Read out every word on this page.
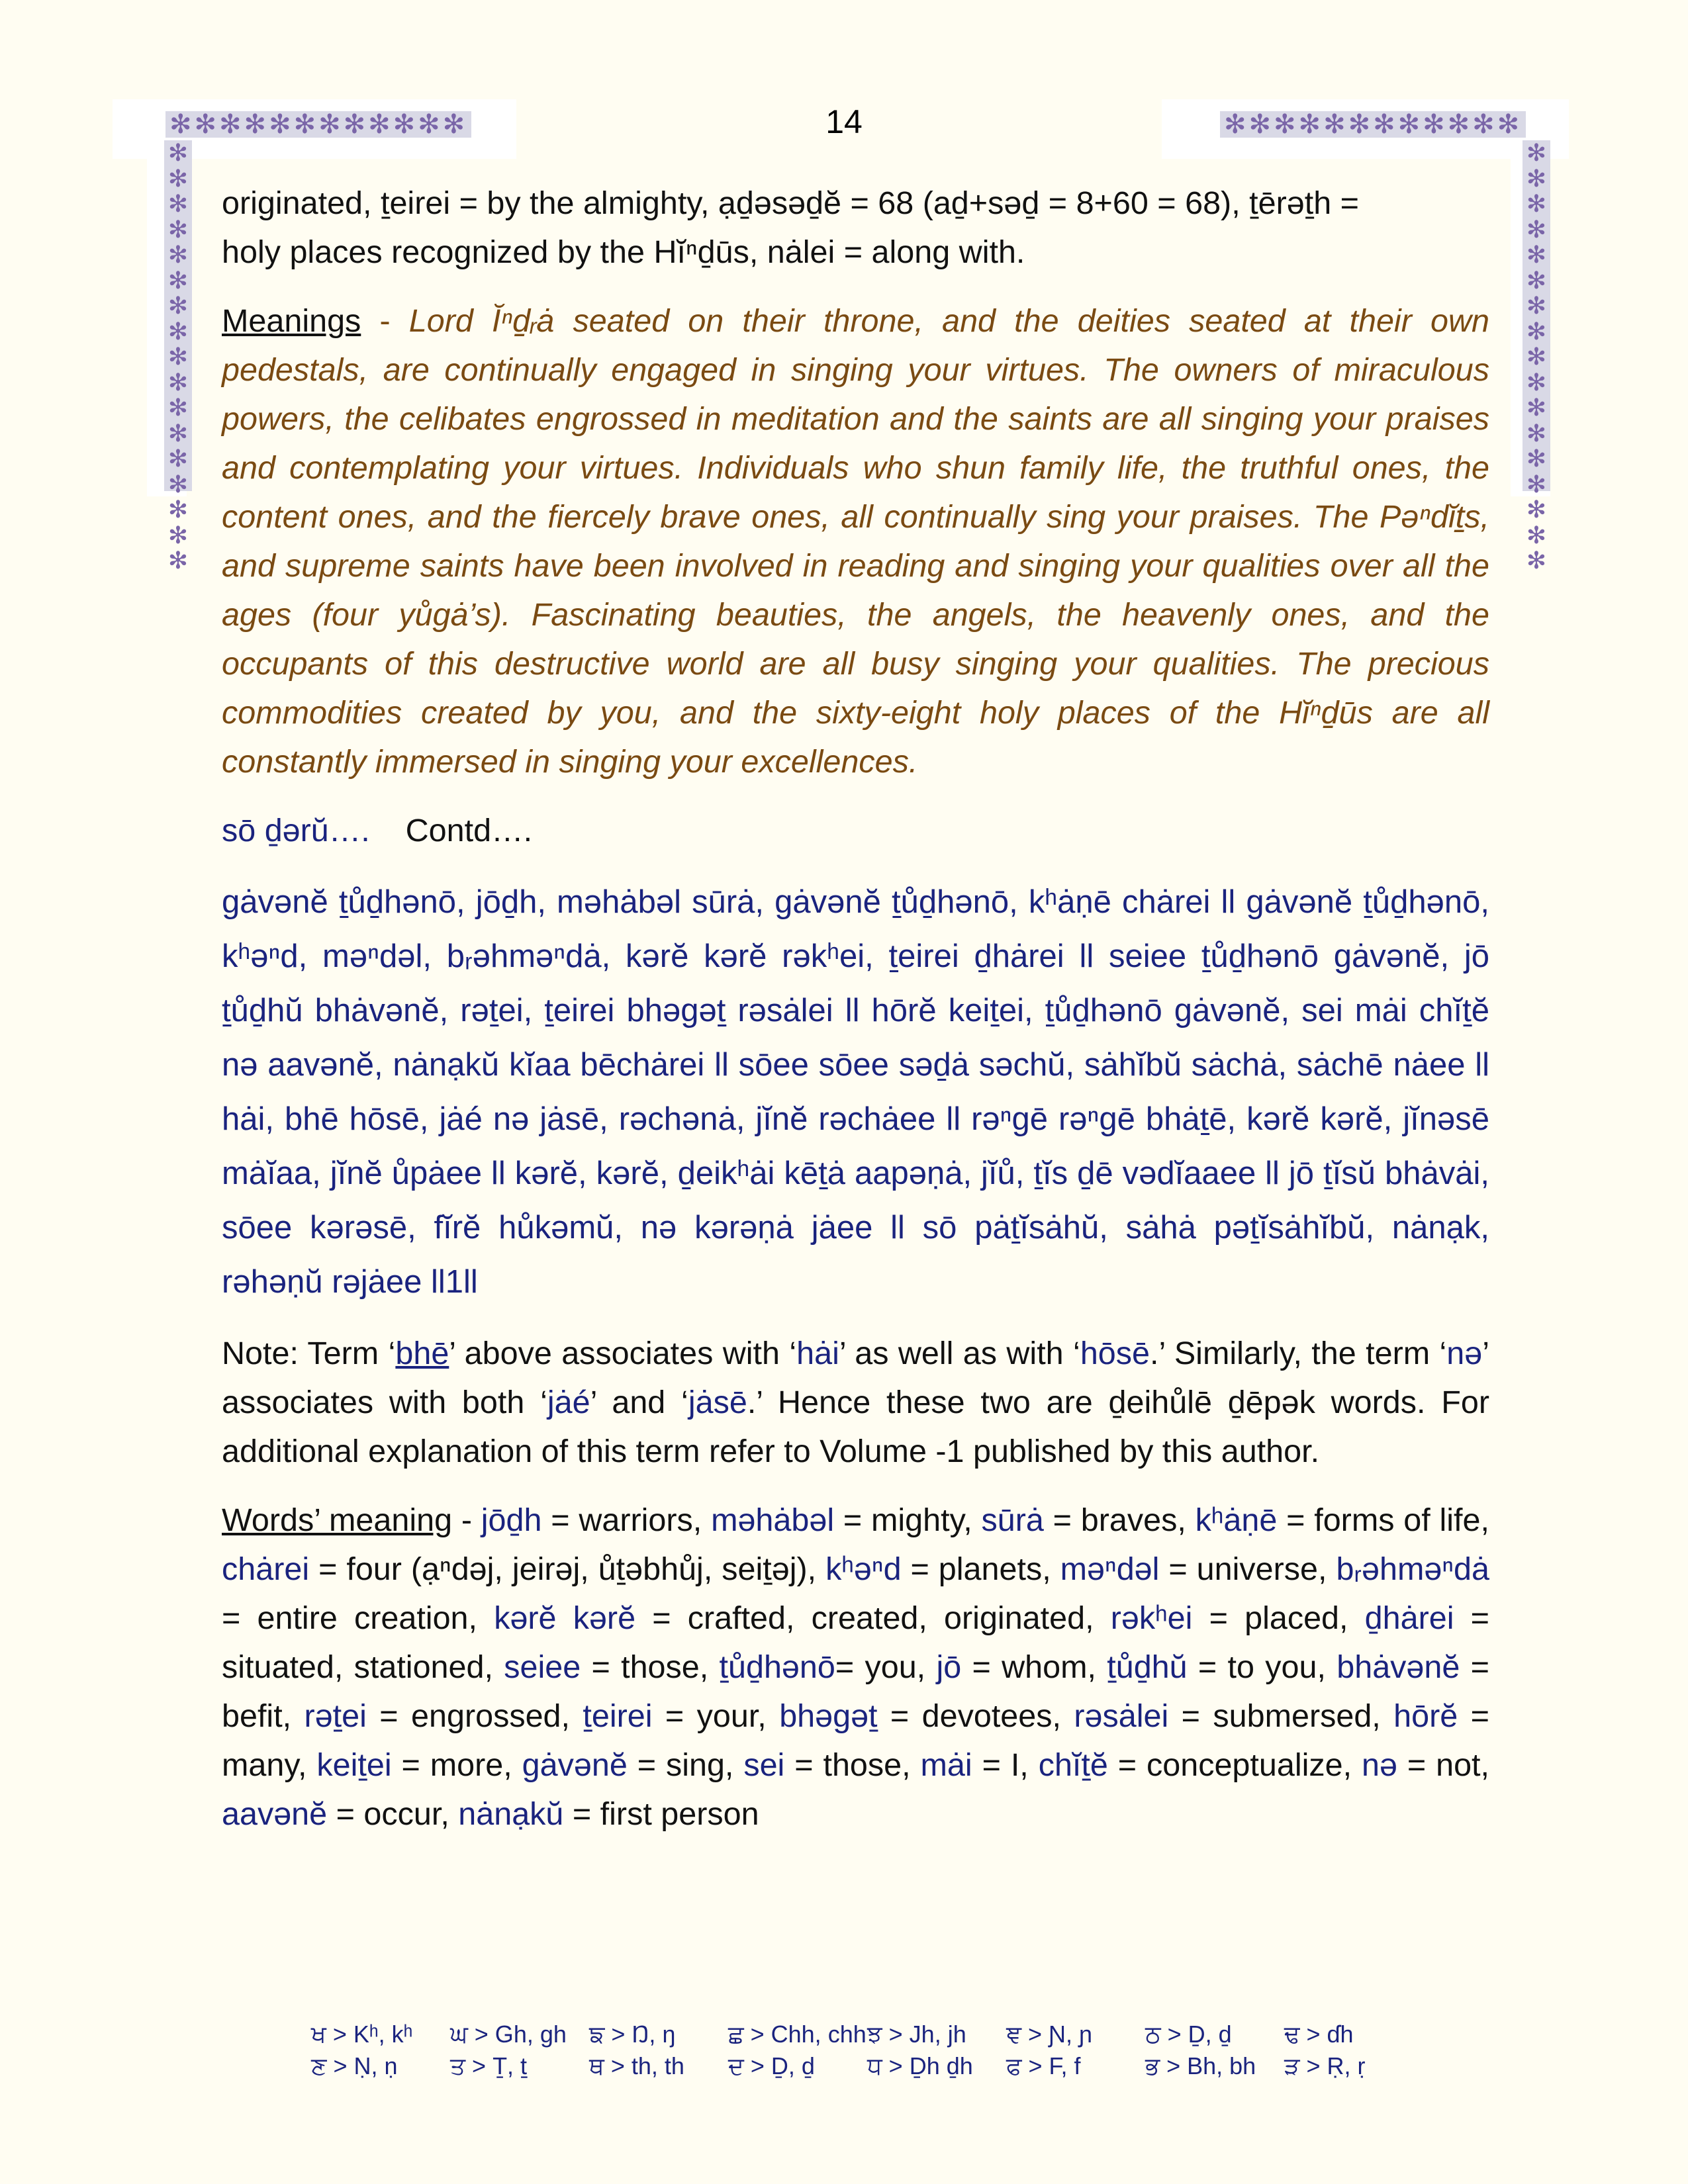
✻✻✻✻✻✻✻✻✻✻✻✻	✻✻✻✻✻✻✻✻✻✻✻✻
✻✻✻✻✻✻✻✻✻✻✻✻✻✻✻✻✻
✻✻✻✻✻✻✻✻✻✻✻✻✻✻✻✻✻
14

originated, ṯeirei = by the almighty, ạḏəsəḏĕ = 68 (aḏ+səḏ = 8+60 = 68), ṯērəṯh =
holy places recognized by the Hĭⁿḏūs, nȧlei = along with.

Meanings - Lord Ĭⁿḏᵣȧ seated on their throne, and the deities seated at their own pedestals, are continually engaged in singing your virtues. The owners of miraculous powers, the celibates engrossed in meditation and the saints are all singing your praises and contemplating your virtues. Individuals who shun family life, the truthful ones, the content ones, and the fiercely brave ones, all continually sing your praises. The Pəⁿdĭṯs, and supreme saints have been involved in reading and singing your qualities over all the ages (four yůgȧ’s). Fascinating beauties, the angels, the heavenly ones, and the occupants of this destructive world are all busy singing your qualities. The precious commodities created by you, and the sixty-eight holy places of the Hĭⁿḏūs are all constantly immersed in singing your excellences.

sō ḏərŭ…. Contd….

gȧvənĕ ṯůḏhənō, jōḏh, məhȧbəl sūrȧ, gȧvənĕ ṯůḏhənō, kʰȧṇē chȧrei ll gȧvənĕ ṯůḏhənō, kʰəⁿd, məⁿdəl, bᵣəhməⁿdȧ, kərĕ kərĕ rəkʰei, ṯeirei ḏhȧrei ll seiee ṯůḏhənō gȧvənĕ, jō ṯůḏhŭ bhȧvənĕ, rəṯei, ṯeirei bhəgəṯ rəsȧlei ll hōrĕ keiṯei, ṯůḏhənō gȧvənĕ, sei mȧi chĭṯĕ nə aavənĕ, nȧnạkŭ kĭaa bēchȧrei ll sōee sōee səḏȧ səchŭ, sȧhĭbŭ sȧchȧ, sȧchē nȧee ll hȧi, bhē hōsē, jȧé nə jȧsē, rəchənȧ, jĭnĕ rəchȧee ll rəⁿgē rəⁿgē bhȧṯē, kərĕ kərĕ, jĭnəsē mȧĭaa, jĭnĕ ůpȧee ll kərĕ, kərĕ, ḏeikʰȧi kēṯȧ aapəṇȧ, jĭů, ṯĭs ḏē vədĭaaee ll jō ṯĭsŭ bhȧvȧi, sōee kərəsē, fĭrĕ hůkəmŭ, nə kərəṇȧ jȧee ll sō pȧṯĭsȧhŭ, sȧhȧ pəṯĭsȧhĭbŭ, nȧnạk, rəhəṇŭ rəjȧee ll1ll

Note: Term ‘bhē’ above associates with ‘hȧi’ as well as with ‘hōsē.’ Similarly, the term ‘nə’ associates with both ‘jȧé’ and ‘jȧsē.’ Hence these two are ḏeihůlē ḏēpək words. For additional explanation of this term refer to Volume -1 published by this author.

Words’ meaning - jōḏh = warriors, məhȧbəl = mighty, sūrȧ = braves, kʰȧṇē = forms of life, chȧrei = four (ạⁿdəj, jeirəj, ůṯəbhůj, seiṯəj), kʰəⁿd = planets, məⁿdəl = universe, bᵣəhməⁿdȧ = entire creation, kərĕ kərĕ = crafted, created, originated, rəkʰei = placed, ḏhȧrei = situated, stationed, seiee = those, ṯůḏhənō= you, jō = whom, ṯůḏhŭ = to you, bhȧvənĕ = befit, rəṯei = engrossed, ṯeirei = your, bhəgəṯ = devotees, rəsȧlei = submersed, hōrĕ = many, keiṯei = more, gȧvənĕ = sing, sei = those, mȧi = I, chĭṯĕ = conceptualize, nə = not, aavənĕ = occur, nȧnạkŭ = first person

ਖ > Kʰ, kʰ	ਘ > Gh, gh ਙ > Ŋ, ŋ	ਛ > Chh, chh ਝ > Jh, jh	ਞ > Ɲ, ɲ	ਠ > Ḏ, ḏ	ਢ > ɗh
ਣ > Ṇ, ṇ	ਤ > Ṯ, ṯ	ਥ > th, th	ਦ > Ḏ, ḏ	ਧ > Ḏh ḏh	ਫ > F, f	ਭ > Bh, bh	ੜ > Ṛ, ṛ
